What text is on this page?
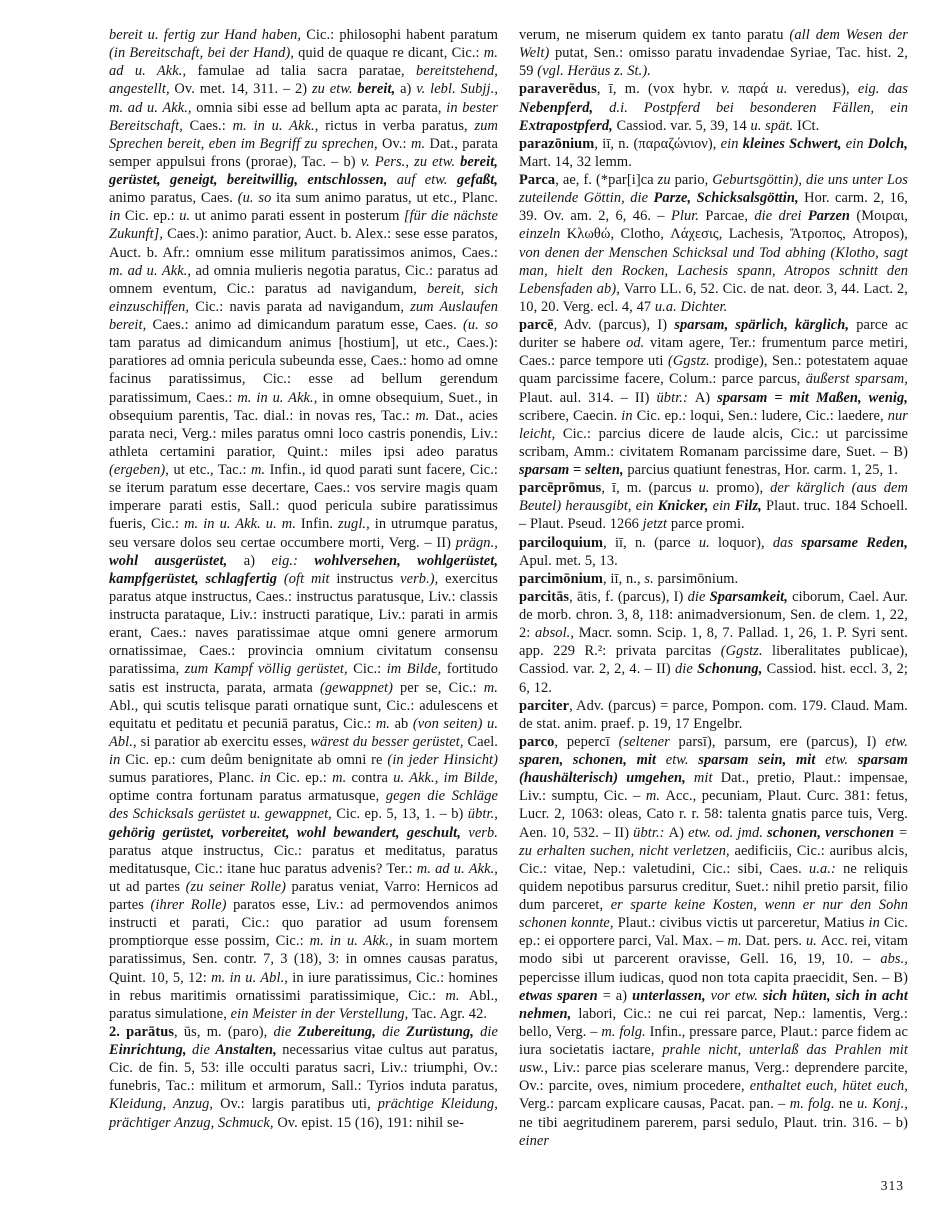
bereit u. fertig zur Hand haben, Cic.: philosophi habent paratum (in Bereitschaft, bei der Hand), quid de quaque re dicant, Cic.: m. ad u. Akk., famulae ad talia sacra paratae, bereitstehend, angestellt, Ov. met. 14, 311. – 2) zu etw. bereit, a) v. lebl. Subjj., m. ad u. Akk., omnia sibi esse ad bellum apta ac parata, in bester Bereitschaft, Caes.: m. in u. Akk., rictus in verba paratus, zum Sprechen bereit, eben im Begriff zu sprechen, Ov.: m. Dat., parata semper appulsui frons (prorae), Tac. – b) v. Pers., zu etw. bereit, gerüstet, geneigt, bereitwillig, entschlossen, auf etw. gefaßt, animo paratus, Caes. (u. so ita sum animo paratus, ut etc., Planc. in Cic. ep.: u. ut animo parati essent in posterum [für die nächste Zukunft], Caes.): animo paratior, Auct. b. Alex.: sese esse paratos, Auct. b. Afr.: omnium esse militum paratissimos animos, Caes.: m. ad u. Akk., ad omnia mulieris negotia paratus, Cic.: paratus ad omnem eventum, Cic.: paratus ad navigandum, bereit, sich einzuschiffen, Cic.: navis parata ad navigandum, zum Auslaufen bereit, Caes.: animo ad dimicandum paratum esse, Caes. (u. so tam paratus ad dimicandum animus [hostium], ut etc., Caes.): paratiores ad omnia pericula subeunda esse, Caes.: homo ad omne facinus paratissimus, Cic.: esse ad bellum gerendum paratissimum, Caes.: m. in u. Akk., in omne obsequium, Suet., in obsequium parentis, Tac. dial.: in novas res, Tac.: m. Dat., acies parata neci, Verg.: miles paratus omni loco castris ponendis, Liv.: athleta certamini paratior, Quint.: miles ipsi adeo paratus (ergeben), ut etc., Tac.: m. Infin., id quod parati sunt facere, Cic.: se iterum paratum esse decertare, Caes.: vos servire magis quam imperare parati estis, Sall.: quod pericula subire paratissimus fueris, Cic.: m. in u. Akk. u. m. Infin. zugl., in utrumque paratus, seu versare dolos seu certae occumbere morti, Verg. – II) prägn., wohl ausgerüstet, a) eig.: wohlversehen, wohlgerüstet, kampfgerüstet, schlagfertig (oft mit instructus verb.), exercitus paratus atque instructus, Caes.: instructus paratusque, Liv.: classis instructa parataque, Liv.: instructi paratique, Liv.: parati in armis erant, Caes.: naves paratissimae atque omni genere armorum ornatissimae, Caes.: provincia omnium civitatum consensu paratissima, zum Kampf völlig gerüstet, Cic.: im Bilde, fortitudo satis est instructa, parata, armata (gewappnet) per se, Cic.: m. Abl., qui scutis telisque parati ornatique sunt, Cic.: adulescens et equitatu et peditatu et pecuniā paratus, Cic.: m. ab (von seiten) u. Abl., si paratior ab exercitu esses, wärest du besser gerüstet, Cael. in Cic. ep.: cum deûm benignitate ab omni re (in jeder Hinsicht) sumus paratiores, Planc. in Cic. ep.: m. contra u. Akk., im Bilde, optime contra fortunam paratus armatusque, gegen die Schläge des Schicksals gerüstet u. gewappnet, Cic. ep. 5, 13, 1. – b) übtr., gehörig gerüstet, vorbereitet, wohl bewandert, geschult, verb. paratus atque instructus, Cic.: paratus et meditatus, paratus meditatusque, Cic.: itane huc paratus advenis? Ter.: m. ad u. Akk., ut ad partes (zu seiner Rolle) paratus veniat, Varro: Hernicos ad partes (ihrer Rolle) paratos esse, Liv.: ad permovendos animos instructi et parati, Cic.: quo paratior ad usum forensem promptiorque esse possim, Cic.: m. in u. Akk., in suam mortem paratissimus, Sen. contr. 7, 3 (18), 3: in omnes causas paratus, Quint. 10, 5, 12: m. in u. Abl., in iure paratissimus, Cic.: homines in rebus maritimis ornatissimi paratissimique, Cic.: m. Abl., paratus simulatione, ein Meister in der Verstellung, Tac. Agr. 42.

2. parātus, ūs, m. (paro), die Zubereitung, die Zurüstung, die Einrichtung, die Anstalten, necessarius vitae cultus aut paratus, Cic. de fin. 5, 53: ille occulti paratus sacri, Liv.: triumphi, Ov.: funebris, Tac.: militum et armorum, Sall.: Tyrios induta paratus, Kleidung, Anzug, Ov.: largis paratibus uti, prächtige Kleidung, prächtiger Anzug, Schmuck, Ov. epist. 15 (16), 191: nihil se-

verum, ne miserum quidem ex tanto paratu (all dem Wesen der Welt) putat, Sen.: omisso paratu invadendae Syriae, Tac. hist. 2, 59 (vgl. Heräus z. St.).

paraverēdus, ī, m. (vox hybr. v. παρά u. veredus), eig. das Nebenpferd, d.i. Postpferd bei besonderen Fällen, ein Extrapostpferd, Cassiod. var. 5, 39, 14 u. spät. ICt.

parazōnium, iī, n. (παραζώνιον), ein kleines Schwert, ein Dolch, Mart. 14, 32 lemm.

Parca, ae, f. (*par[i]ca zu pario, Geburtsgöttin), die uns unter Los zuteilende Göttin, die Parze, Schicksalsgöttin, Hor. carm. 2, 16, 39. Ov. am. 2, 6, 46. – Plur. Parcae, die drei Parzen (Μοιραι, einzeln Κλωθώ, Clotho, Λάχεσις, Lachesis, Ἄτροπος, Atropos), von denen der Menschen Schicksal und Tod abhing (Klotho, sagt man, hielt den Rocken, Lachesis spann, Atropos schnitt den Lebensfaden ab), Varro LL. 6, 52. Cic. de nat. deor. 3, 44. Lact. 2, 10, 20. Verg. ecl. 4, 47 u.a. Dichter.

parcē, Adv. (parcus), I) sparsam, spärlich, kärglich, parce ac duriter se habere od. vitam agere, Ter.: frumentum parce metiri, Caes.: parce tempore uti (Ggstz. prodige), Sen.: potestatem aquae quam parcissime facere, Colum.: parce parcus, äußerst sparsam, Plaut. aul. 314. – II) übtr.: A) sparsam = mit Maßen, wenig, scribere, Caecin. in Cic. ep.: loqui, Sen.: ludere, Cic.: laedere, nur leicht, Cic.: parcius dicere de laude alcis, Cic.: ut parcissime scribam, Amm.: civitatem Romanam parcissime dare, Suet. – B) sparsam = selten, parcius quatiunt fenestras, Hor. carm. 1, 25, 1.

parcēprōmus, ī, m. (parcus u. promo), der kärglich (aus dem Beutel) herausgibt, ein Knicker, ein Filz, Plaut. truc. 184 Schoell. – Plaut. Pseud. 1266 jetzt parce promi.

parciloquium, iī, n. (parce u. loquor), das sparsame Reden, Apul. met. 5, 13.

parcimōnium, iī, n., s. parsimōnium.

parcitās, ātis, f. (parcus), I) die Sparsamkeit, ciborum, Cael. Aur. de morb. chron. 3, 8, 118: animadversionum, Sen. de clem. 1, 22, 2: absol., Macr. somn. Scip. 1, 8, 7. Pallad. 1, 26, 1. P. Syri sent. app. 229 R.²: privata parcitas (Ggstz. liberalitates publicae), Cassiod. var. 2, 2, 4. – II) die Schonung, Cassiod. hist. eccl. 3, 2; 6, 12.

parciter, Adv. (parcus) = parce, Pompon. com. 179. Claud. Mam. de stat. anim. praef. p. 19, 17 Engelbr.

parco, pepercī (seltener parsī), parsum, ere (parcus), I) etw. sparen, schonen, mit etw. sparsam sein, mit etw. sparsam (haushälterisch) umgehen, mit Dat., pretio, Plaut.: impensae, Liv.: sumptu, Cic. – m. Acc., pecuniam, Plaut. Curc. 381: fetus, Lucr. 2, 1063: oleas, Cato r. r. 58: talenta gnatis parce tuis, Verg. Aen. 10, 532. – II) übtr.: A) etw. od. jmd. schonen, verschonen = zu erhalten suchen, nicht verletzen, aedificiis, Cic.: auribus alcis, Cic.: vitae, Nep.: valetudini, Cic.: sibi, Caes. u.a.: ne reliquis quidem nepotibus parsurus creditur, Suet.: nihil pretio parsit, filio dum parceret, er sparte keine Kosten, wenn er nur den Sohn schonen konnte, Plaut.: civibus victis ut parceretur, Matius in Cic. ep.: ei opportere parci, Val. Max. – m. Dat. pers. u. Acc. rei, vitam modo sibi ut parcerent oravisse, Gell. 16, 19, 10. – abs., pepercisse illum iudicas, quod non tota capita praecidit, Sen. – B) etwas sparen = a) unterlassen, vor etw. sich hüten, sich in acht nehmen, labori, Cic.: ne cui rei parcat, Nep.: lamentis, Verg.: bello, Verg. – m. folg. Infin., pressare parce, Plaut.: parce fidem ac iura societatis iactare, prahle nicht, unterlaß das Prahlen mit usw., Liv.: parce pias scelerare manus, Verg.: deprendere parcite, Ov.: parcite, oves, nimium procedere, enthaltet euch, hütet euch, Verg.: parcam explicare causas, Pacat. pan. – m. folg. ne u. Konj., ne tibi aegritudinem parerem, parsi sedulo, Plaut. trin. 316. – b) einer

313
